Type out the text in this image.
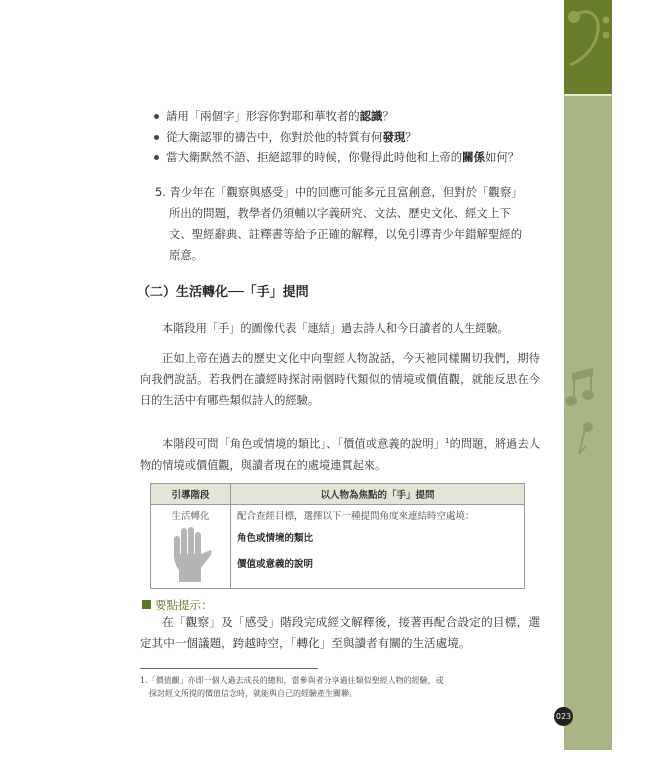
請用「兩個字」形容你對耶和華牧者的認識？
從大衛認罪的禱告中，你對於他的特質有何發現？
當大衛默然不語、拒絕認罪的時候，你覺得此時他和上帝的關係如何？
5. 青少年在「觀察與感受」中的回應可能多元且富創意，但對於「觀察」所出的問題，教學者仍須輔以字義研究、文法、歷史文化、經文上下文、聖經辭典、註釋書等給予正確的解釋，以免引導青少年錯解聖經的原意。
（二）生活轉化──「手」提問
本階段用「手」的圖像代表「連結」過去詩人和今日讀者的人生經驗。
正如上帝在過去的歷史文化中向聖經人物說話，今天祂同樣關切我們，期待向我們說話。若我們在讀經時探討兩個時代類似的情境或價值觀，就能反思在今日的生活中有哪些類似詩人的經驗。
本階段可問「角色或情境的類比」、「價值或意義的說明」$^1$的問題，將過去人物的情境或價值觀，與讀者現在的處境連貫起來。
引導階段	以人物為焦點的「手」提問

生活轉化	配合查經目標，選擇以下一種提問角度來連結時空處境：
角色或情境的類比
價值或意義的說明
要點提示：
在「觀察」及「感受」階段完成經文解釋後，接著再配合設定的目標，選定其中一個議題，跨越時空，「轉化」至與讀者有關的生活處境。
1.「價值觀」亦即一個人過去成長的總和，當參與者分享過往類似聖經人物的經驗，或
探討經文所提的價值信念時，就能與自己的經驗產生關聯。
023
